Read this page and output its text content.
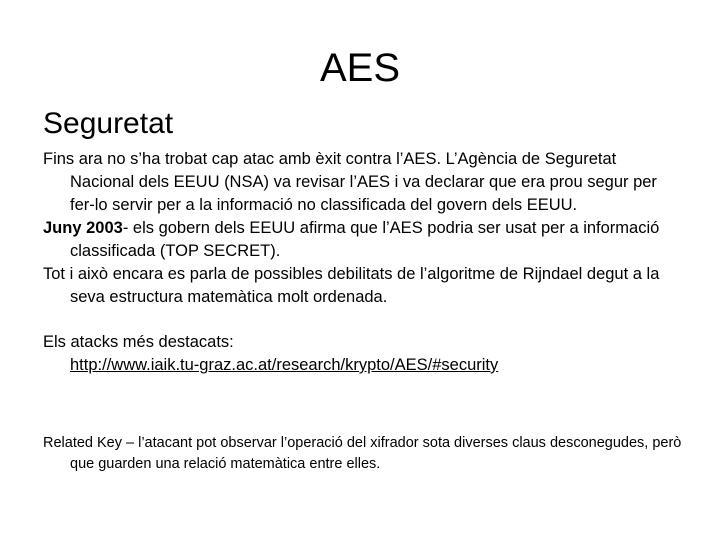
AES
Seguretat

Fins ara no s’ha trobat cap atac amb èxit contra l’AES. L’Agència de Seguretat Nacional dels EEUU (NSA) va revisar l’AES i va declarar que era prou segur per fer-lo servir per a la informació no classificada del govern dels EEUU.

Juny 2003- els gobern dels EEUU afirma que l’AES podria ser usat per a informació classificada (TOP SECRET).

Tot i això encara es parla de possibles debilitats de l’algoritme de Rijndael degut a la seva estructura matemàtica molt ordenada.

Els atacks més destacats:
http://www.iaik.tu-graz.ac.at/research/krypto/AES/#security

Related Key – l’atacant pot observar l’operació del xifrador sota diverses claus desconegudes, però que guarden una relació matemàtica entre elles.
